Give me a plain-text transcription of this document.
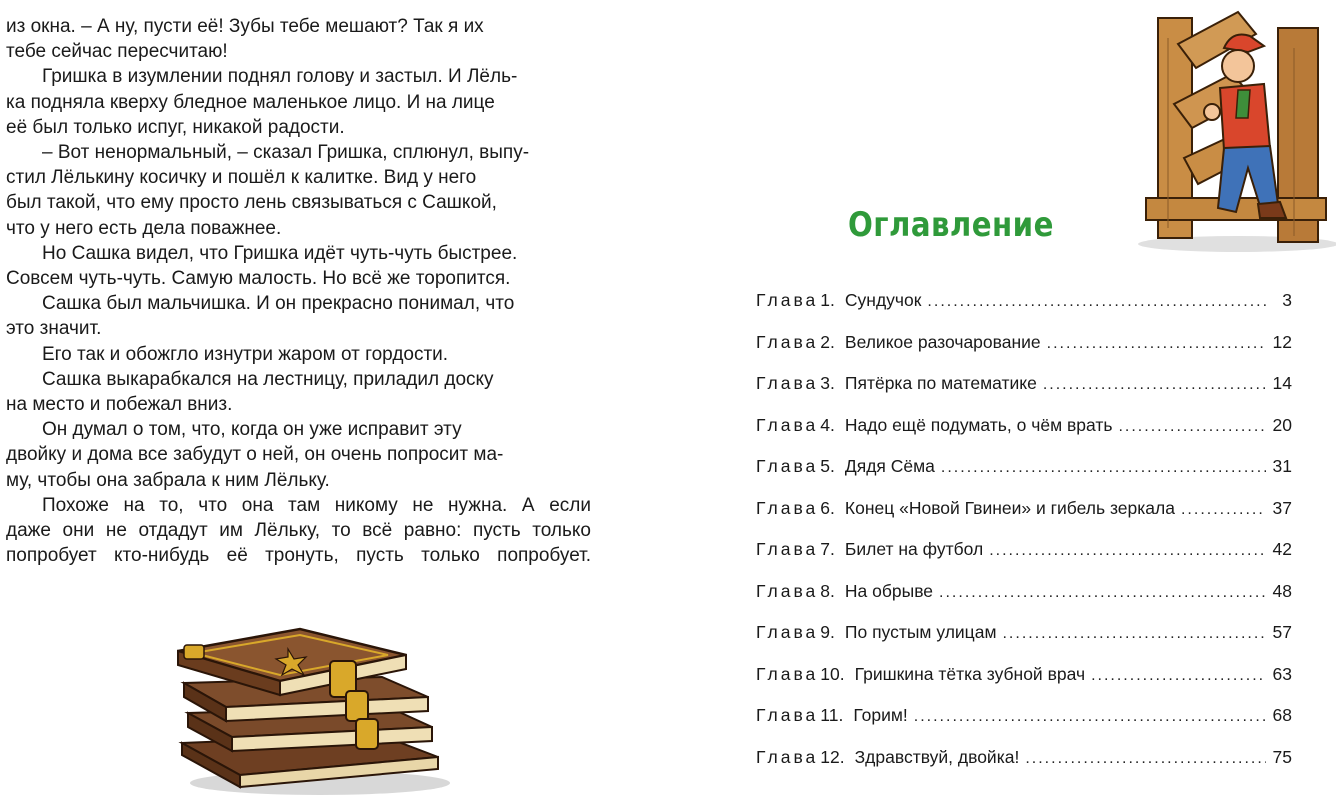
из окна. – А ну, пусти её! Зубы тебе мешают? Так я их
тебе сейчас пересчитаю!

Гришка в изумлении поднял голову и застыл. И Лёль-
ка подняла кверху бледное маленькое лицо. И на лице
её был только испуг, никакой радости.

– Вот ненормальный, – сказал Гришка, сплюнул, выпу-
стил Лёлькину косичку и пошёл к калитке. Вид у него
был такой, что ему просто лень связываться с Сашкой,
что у него есть дела поважнее.

Но Сашка видел, что Гришка идёт чуть-чуть быстрее.
Совсем чуть-чуть. Самую малость. Но всё же торопится.

Сашка был мальчишка. И он прекрасно понимал, что
это значит.

Его так и обожгло изнутри жаром от гордости.

Сашка выкарабкался на лестницу, приладил доску
на место и побежал вниз.

Он думал о том, что, когда он уже исправит эту
двойку и дома все забудут о ней, он очень попросит ма-
му, чтобы она забрала к ним Лёльку.

Похоже на то, что она там никому не нужна. А если
даже они не отдадут им Лёльку, то всё равно: пусть только
попробует кто-нибудь её тронуть, пусть только попробует.

Оглавление
Глава 1. Сундучок .....	3
Глава 2. Великое разочарование .....	12
Глава 3. Пятёрка по математике .....	14
Глава 4. Надо ещё подумать, о чём врать .....	20
Глава 5. Дядя Сёма .....	31
Глава 6. Конец «Новой Гвинеи» и гибель зеркала .....	37
Глава 7. Билет на футбол .....	42
Глава 8. На обрыве .....	48
Глава 9. По пустым улицам .....	57
Глава 10. Гришкина тётка зубной врач .....	63
Глава 11. Горим! .....	68
Глава 12. Здравствуй, двойка! .....	75
